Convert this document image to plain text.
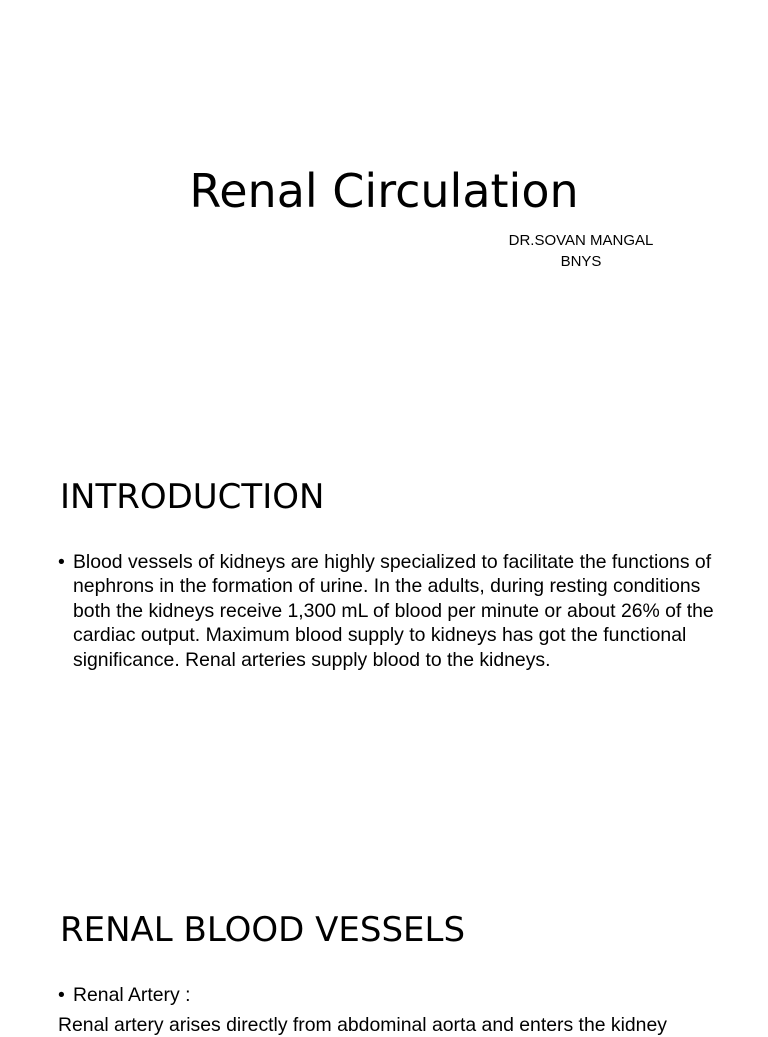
Renal Circulation
DR.SOVAN MANGAL
BNYS
INTRODUCTION
• Blood vessels of kidneys are highly specialized to facilitate the functions of nephrons in the formation of urine. In the adults, during resting conditions both the kidneys receive 1,300 mL of blood per minute or about 26% of the cardiac output. Maximum blood supply to kidneys has got the functional significance. Renal arteries supply blood to the kidneys.
RENAL BLOOD VESSELS
• Renal Artery :

Renal artery arises directly from abdominal aorta and enters the kidney
